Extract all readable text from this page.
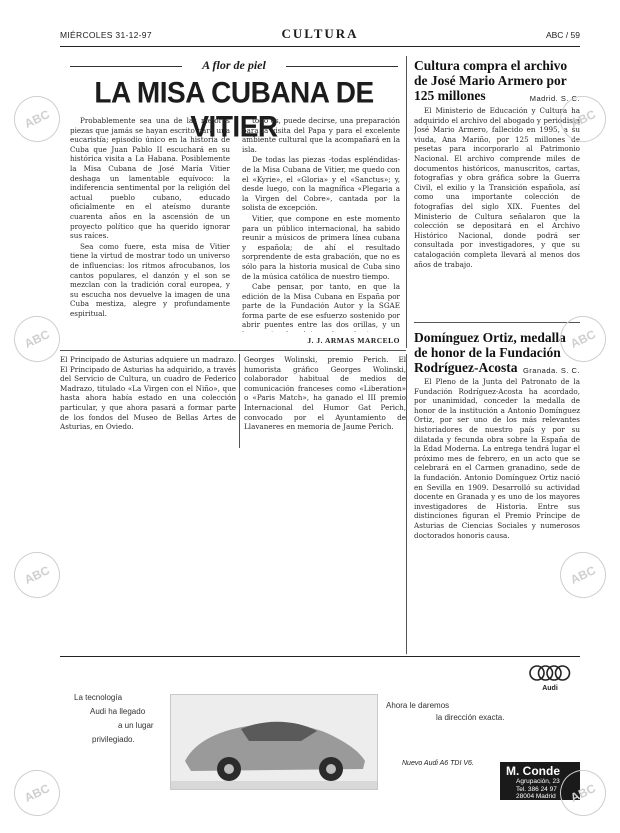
MIÉRCOLES 31-12-97	CULTURA	ABC / 59
A flor de piel
LA MISA CUBANA DE VITIER

Probablemente sea una de las mejores piezas que jamás se hayan escrito para una eucaristía; episodio único en la historia de Cuba que Juan Pablo II escuchará en su histórica visita a La Habana. Posiblemente la Misa Cubana de José María Vitier deshaga un lamentable equívoco: la indiferencia sentimental por la religión del actual pueblo cubano, educado oficialmente en el ateísmo durante cuarenta años en la ascensión de un proyecto político que ha querido ignorar sus raíces.

Sea como fuere, esta misa de Vitier tiene la virtud de mostrar todo un universo de influencias: los ritmos afrocubanos, los cantos populares, el danzón y el son se mezclan con la tradición coral europea, y su escucha nos devuelve la imagen de una Cuba mestiza, alegre y profundamente espiritual.

todo es, puede decirse, una preparación para la visita del Papa y para el excelente ambiente cultural que la acompañará en la isla.

De todas las piezas -todas espléndidas- de la Misa Cubana de Vitier, me quedo con el «Kyrie», el «Gloria» y el «Sanctus»; y, desde luego, con la magnífica «Plegaria a la Virgen del Cobre», cantada por la solista de excepción.

Vitier, que compone en este momento para un público internacional, ha sabido reunir a músicos de primera línea cubana y española; de ahí el resultado sorprendente de esta grabación, que no es sólo para la historia musical de Cuba sino de la música católica de nuestro tiempo.

Cabe pensar, por tanto, en que la edición de la Misa Cubana en España por parte de la Fundación Autor y la SGAE forma parte de ese esfuerzo sostenido por abrir puentes entre las dos orillas, y un

J. J. ARMAS MARCELO
Cultura compra el archivo de José Mario Armero por 125 millones	Madrid. S. C.

El Ministerio de Educación y Cultura ha adquirido el archivo del abogado y periodista José Mario Armero, fallecido en 1995, a su viuda, Ana Mariño, por 125 millones de pesetas para incorporarlo al Patrimonio Nacional. El archivo comprende miles de documentos históricos, manuscritos, cartas, fotografías y obra gráfica sobre la Guerra Civil, el exilio y la Transición española, así como una importante colección de fotografías del siglo XIX. Fuentes del Ministerio de Cultura señalaron que la colección se depositará en el Archivo Histórico Nacional, donde podrá ser consultada por investigadores, y que su catalogación completa llevará al menos dos años de trabajo.

Domínguez Ortiz, medalla de honor de la Fundación Rodríguez-Acosta Granada. S. C.

El Pleno de la Junta del Patronato de la Fundación Rodríguez-Acosta ha acordado, por unanimidad, conceder la medalla de honor de la institución a Antonio Domínguez Ortiz, por ser uno de los más relevantes historiadores de nuestro país y por su dilatada y fecunda obra sobre la España de la Edad Moderna. La entrega tendrá lugar el próximo mes de febrero, en un acto que se celebrará en el Carmen granadino, sede de la fundación. Antonio Domínguez Ortiz nació en Sevilla en 1909. Desarrolló su actividad docente en Granada y es uno de los mayores investigadores de Historia. Entre sus distinciones figuran el Premio Príncipe de Asturias de Ciencias Sociales y numerosos doctorados honoris causa.

El Principado de Asturias adquiere un madrazo. El Principado de Asturias ha adquirido, a través del Servicio de Cultura, un cuadro de Federico Madrazo, titulado «La Virgen con el Niño», que hasta ahora había estado en una colección particular, y que ahora pasará a formar parte de los fondos del Museo de Bellas Artes de Asturias, en Oviedo.

Georges Wolinski, premio Perich. El humorista gráfico Georges Wolinski, colaborador habitual de medios de comunicación franceses como «Liberation» o «Paris Match», ha ganado el III premio Internacional del Humor Gat Perich, convocado por el Ayuntamiento de Llavaneres en memoria de Jaume Perich.

Audi
La tecnología
Audi ha llegado
a un lugar
privilegiado.
Ahora le daremos
la dirección exacta.
Nuevo Audi A6 TDI V6.
M. Conde
Agrupación, 23
Tel. 386 24 97
28004 Madrid
ABC	ABC
ABC	ABC
ABC	ABC
ABC	ABC
